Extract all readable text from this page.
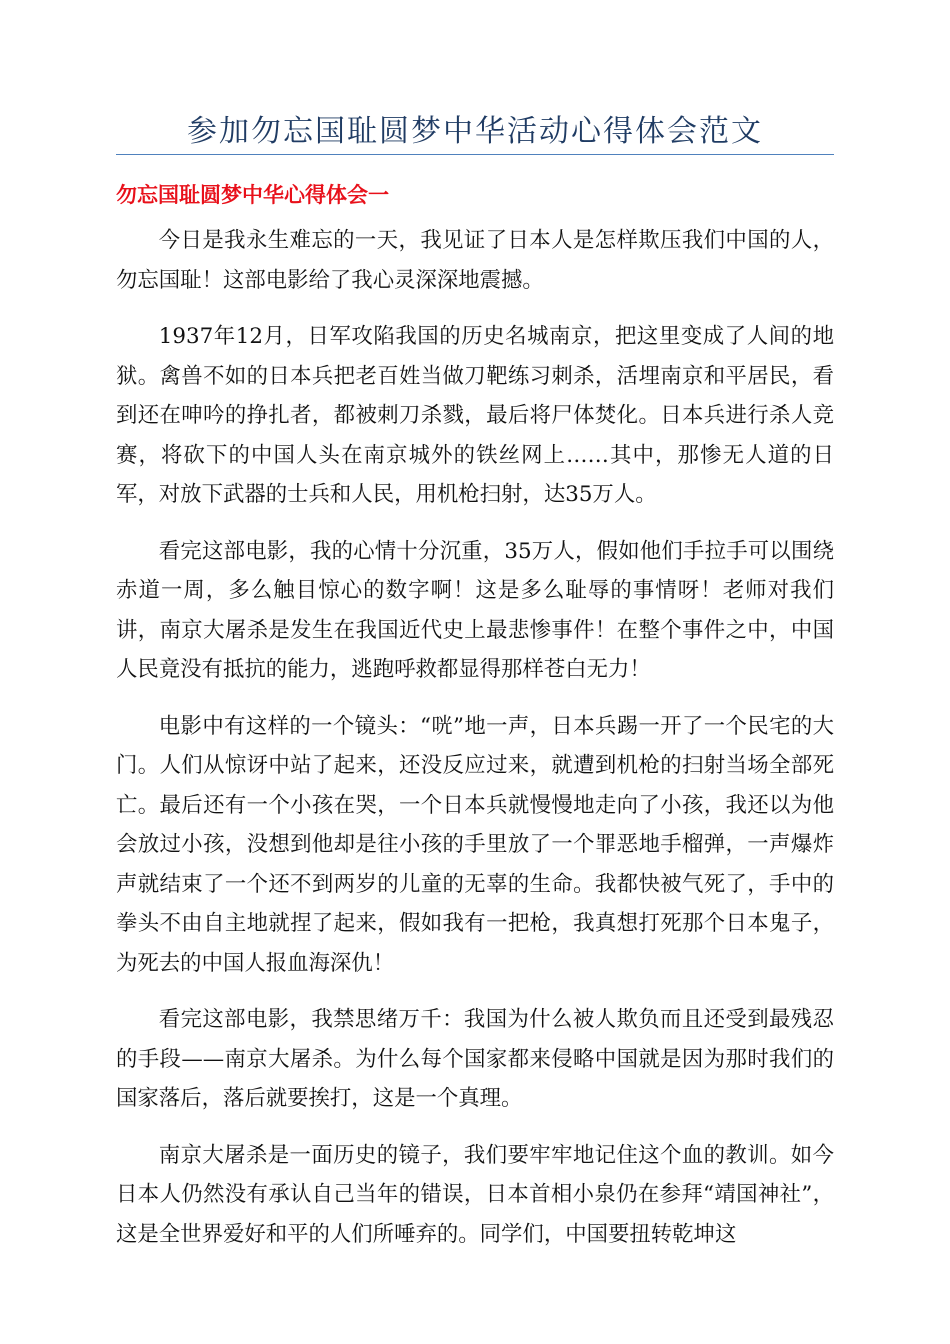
参加勿忘国耻圆梦中华活动心得体会范文
勿忘国耻圆梦中华心得体会一

今日是我永生难忘的一天，我见证了日本人是怎样欺压我们中国的人，勿忘国耻！这部电影给了我心灵深深地震撼。

1937年12月，日军攻陷我国的历史名城南京，把这里变成了人间的地狱。禽兽不如的日本兵把老百姓当做刀靶练习刺杀，活埋南京和平居民，看到还在呻吟的挣扎者，都被刺刀杀戮，最后将尸体焚化。日本兵进行杀人竞赛，将砍下的中国人头在南京城外的铁丝网上……其中，那惨无人道的日军，对放下武器的士兵和人民，用机枪扫射，达35万人。

看完这部电影，我的心情十分沉重，35万人，假如他们手拉手可以围绕赤道一周，多么触目惊心的数字啊！这是多么耻辱的事情呀！老师对我们讲，南京大屠杀是发生在我国近代史上最悲惨事件！在整个事件之中，中国人民竟没有抵抗的能力，逃跑呼救都显得那样苍白无力！

电影中有这样的一个镜头：“咣”地一声，日本兵踢一开了一个民宅的大门。人们从惊讶中站了起来，还没反应过来，就遭到机枪的扫射当场全部死亡。最后还有一个小孩在哭，一个日本兵就慢慢地走向了小孩，我还以为他会放过小孩，没想到他却是往小孩的手里放了一个罪恶地手榴弹，一声爆炸声就结束了一个还不到两岁的儿童的无辜的生命。我都快被气死了，手中的拳头不由自主地就捏了起来，假如我有一把枪，我真想打死那个日本鬼子，为死去的中国人报血海深仇！

看完这部电影，我禁思绪万千：我国为什么被人欺负而且还受到最残忍的手段——南京大屠杀。为什么每个国家都来侵略中国就是因为那时我们的国家落后，落后就要挨打，这是一个真理。

南京大屠杀是一面历史的镜子，我们要牢牢地记住这个血的教训。如今日本人仍然没有承认自己当年的错误，日本首相小泉仍在参拜“靖国神社”，这是全世界爱好和平的人们所唾弃的。同学们，中国要扭转乾坤这
